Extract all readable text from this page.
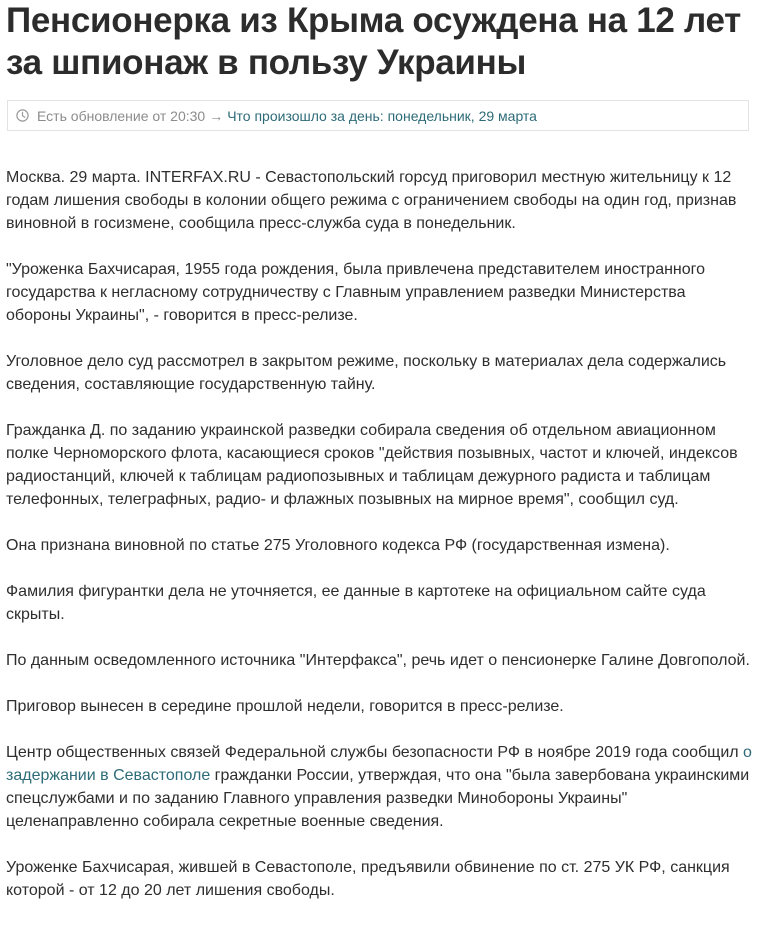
Пенсионерка из Крыма осуждена на 12 лет за шпионаж в пользу Украины
Есть обновление от 20:30 → Что произошло за день: понедельник, 29 марта

Москва. 29 марта. INTERFAX.RU - Севастопольский горсуд приговорил местную жительницу к 12 годам лишения свободы в колонии общего режима с ограничением свободы на один год, признав виновной в госизмене, сообщила пресс-служба суда в понедельник.

"Уроженка Бахчисарая, 1955 года рождения, была привлечена представителем иностранного государства к негласному сотрудничеству с Главным управлением разведки Министерства обороны Украины", - говорится в пресс-релизе.

Уголовное дело суд рассмотрел в закрытом режиме, поскольку в материалах дела содержались сведения, составляющие государственную тайну.

Гражданка Д. по заданию украинской разведки собирала сведения об отдельном авиационном полке Черноморского флота, касающиеся сроков "действия позывных, частот и ключей, индексов радиостанций, ключей к таблицам радиопозывных и таблицам дежурного радиста и таблицам телефонных, телеграфных, радио- и флажных позывных на мирное время", сообщил суд.

Она признана виновной по статье 275 Уголовного кодекса РФ (государственная измена).

Фамилия фигурантки дела не уточняется, ее данные в картотеке на официальном сайте суда скрыты.

По данным осведомленного источника "Интерфакса", речь идет о пенсионерке Галине Довгополой.

Приговор вынесен в середине прошлой недели, говорится в пресс-релизе.

Центр общественных связей Федеральной службы безопасности РФ в ноябре 2019 года сообщил о задержании в Севастополе гражданки России, утверждая, что она "была завербована украинскими спецслужбами и по заданию Главного управления разведки Минобороны Украины" целенаправленно собирала секретные военные сведения.

Уроженке Бахчисарая, жившей в Севастополе, предъявили обвинение по ст. 275 УК РФ, санкция которой - от 12 до 20 лет лишения свободы.
